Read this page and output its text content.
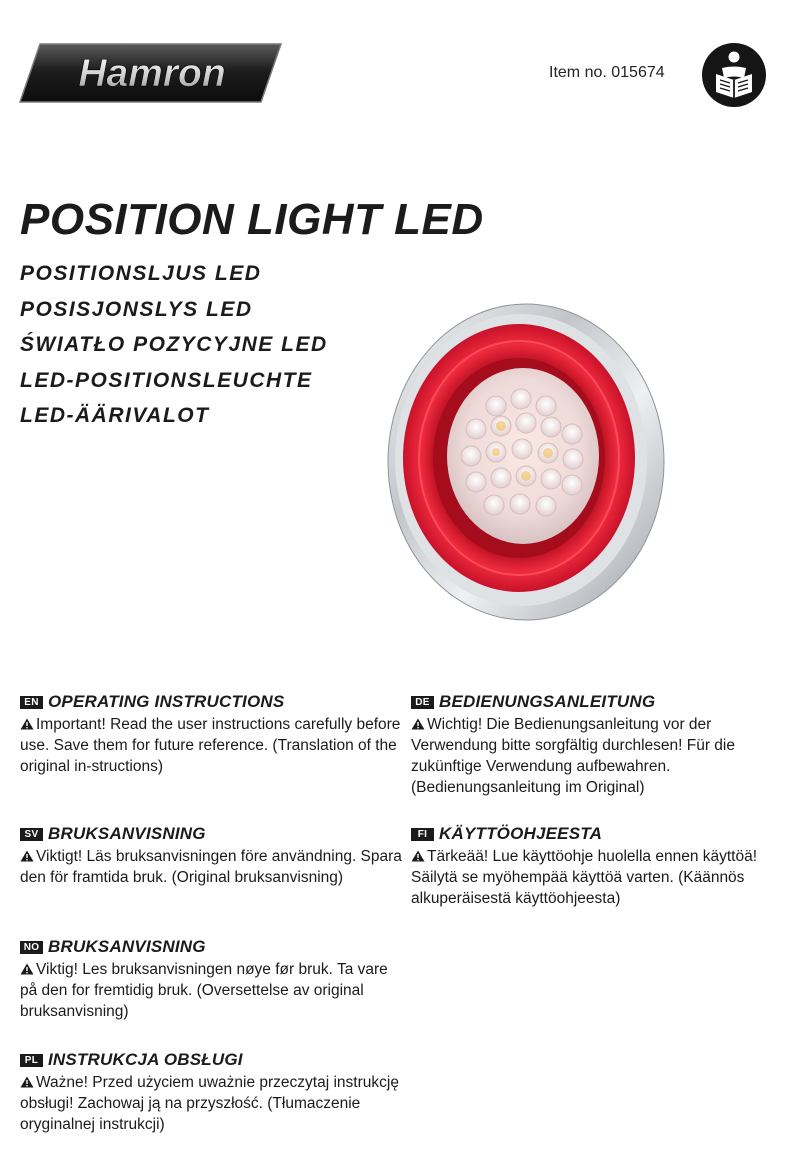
Hamron	Item no. 015674
POSITION LIGHT LED
POSITIONSLJUS LED
POSISJONSLYS LED
ŚWIATŁO POZYCYJNE LED
LED-POSITIONSLEUCHTE
LED-ÄÄRIVALOT
EN OPERATING INSTRUCTIONS

Important! Read the user instructions carefully before use. Save them for future reference. (Translation of the original in-structions)

SV BRUKSANVISNING

Viktigt! Läs bruksanvisningen före användning. Spara den för framtida bruk. (Original bruksanvisning)

NO BRUKSANVISNING

Viktig! Les bruksanvisningen nøye før bruk. Ta vare på den for fremtidig bruk. (Oversettelse av original bruksanvisning)

PL INSTRUKCJA OBSŁUGI

Ważne! Przed użyciem uważnie przeczytaj instrukcję obsługi! Zachowaj ją na przyszłość. (Tłumaczenie oryginalnej instrukcji)

DE BEDIENUNGSANLEITUNG

Wichtig! Die Bedienungsanleitung vor der Verwendung bitte sorgfältig durchlesen! Für die zukünftige Verwendung aufbewahren. (Bedienungsanleitung im Original)

FI KÄYTTÖOHJEESTA

Tärkeää! Lue käyttöohje huolella ennen käyttöä! Säilytä se myöhempää käyttöä varten. (Käännös alkuperäisestä käyttöohjeesta)
